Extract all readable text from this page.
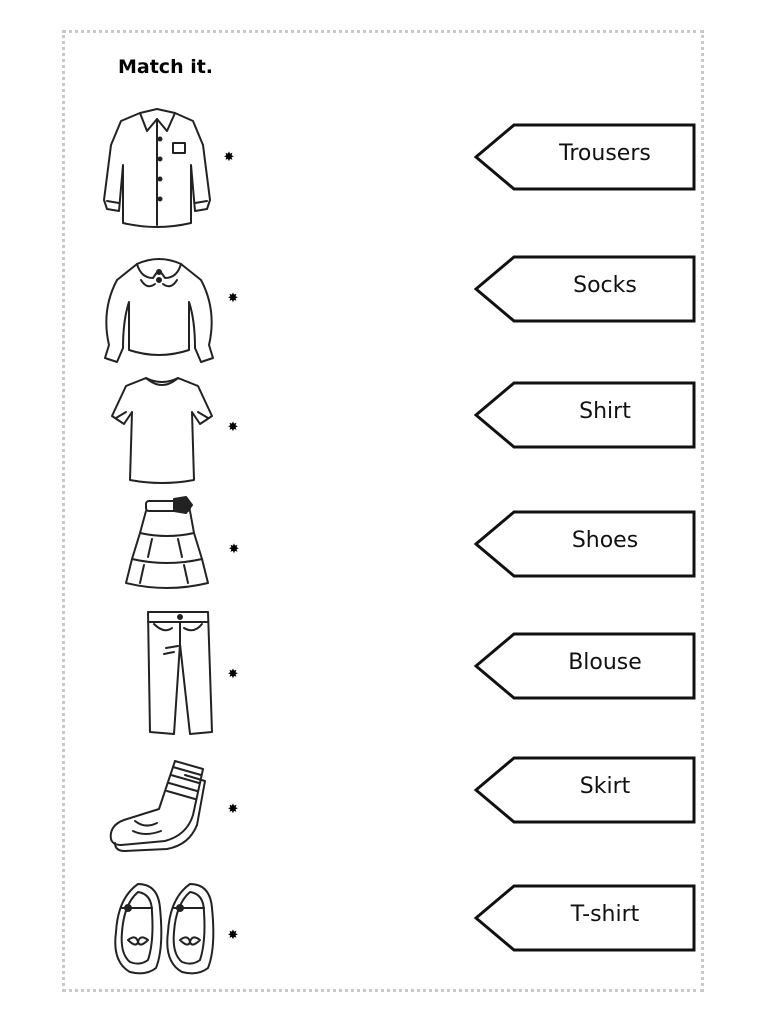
Match it.
✸
✸
✸
✸
✸
✸
✸
Trousers
Socks
Shirt
Shoes
Blouse
Skirt
T-shirt
